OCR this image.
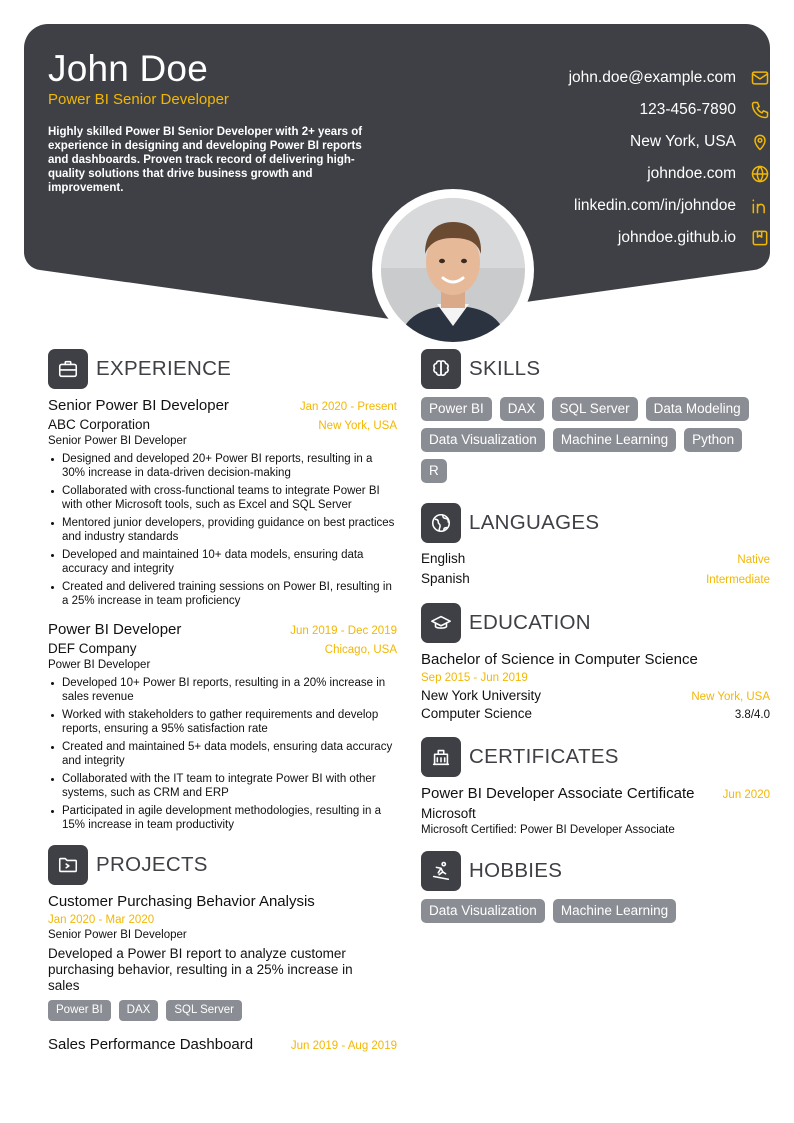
John Doe
Power BI Senior Developer
Highly skilled Power BI Senior Developer with 2+ years of experience in designing and developing Power BI reports and dashboards. Proven track record of delivering high-quality solutions that drive business growth and improvement.
john.doe@example.com
123-456-7890
New York, USA
johndoe.com
linkedin.com/in/johndoe
johndoe.github.io
EXPERIENCE
Senior Power BI Developer	Jan 2020 - Present
ABC Corporation	New York, USA
Senior Power BI Developer
Designed and developed 20+ Power BI reports, resulting in a 30% increase in data-driven decision-making
Collaborated with cross-functional teams to integrate Power BI with other Microsoft tools, such as Excel and SQL Server
Mentored junior developers, providing guidance on best practices and industry standards
Developed and maintained 10+ data models, ensuring data accuracy and integrity
Created and delivered training sessions on Power BI, resulting in a 25% increase in team proficiency
Power BI Developer	Jun 2019 - Dec 2019
DEF Company	Chicago, USA
Power BI Developer
Developed 10+ Power BI reports, resulting in a 20% increase in sales revenue
Worked with stakeholders to gather requirements and develop reports, ensuring a 95% satisfaction rate
Created and maintained 5+ data models, ensuring data accuracy and integrity
Collaborated with the IT team to integrate Power BI with other systems, such as CRM and ERP
Participated in agile development methodologies, resulting in a 15% increase in team productivity
PROJECTS
Customer Purchasing Behavior Analysis
Jan 2020 - Mar 2020
Senior Power BI Developer
Developed a Power BI report to analyze customer purchasing behavior, resulting in a 25% increase in sales
Power BI	DAX	SQL Server
Sales Performance Dashboard	Jun 2019 - Aug 2019
SKILLS
Power BI	DAX	SQL Server	Data Modeling
Data Visualization	Machine Learning	Python
R
LANGUAGES
English	Native
Spanish	Intermediate
EDUCATION
Bachelor of Science in Computer Science
Sep 2015 - Jun 2019
New York University	New York, USA
Computer Science	3.8/4.0
CERTIFICATES
Power BI Developer Associate Certificate Jun 2020
Microsoft
Microsoft Certified: Power BI Developer Associate
HOBBIES
Data Visualization	Machine Learning
